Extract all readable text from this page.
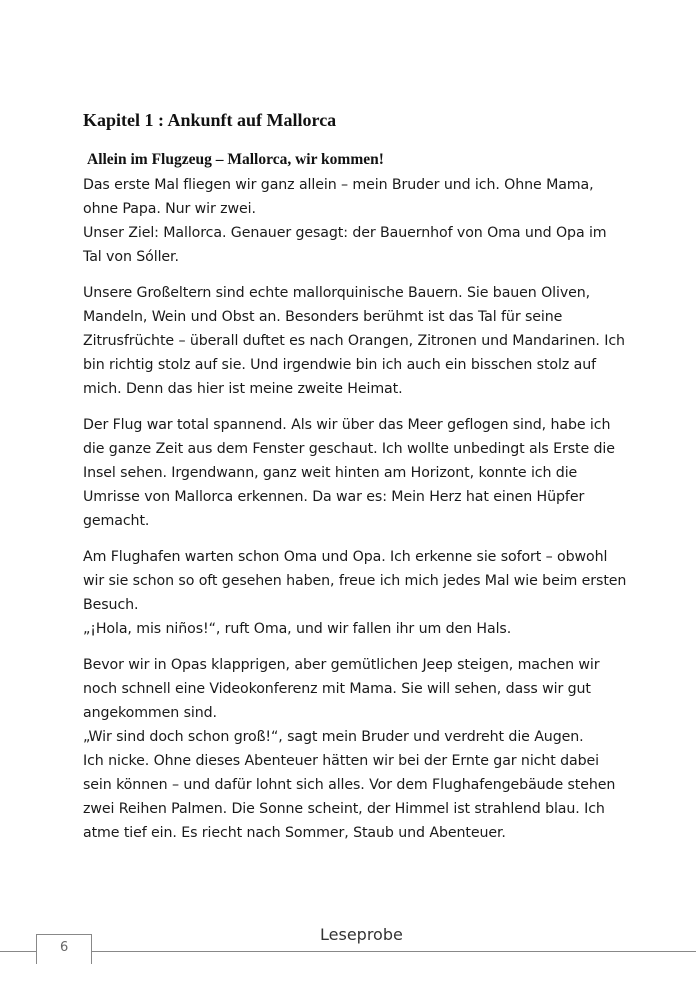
Kapitel 1 : Ankunft auf Mallorca
Allein im Flugzeug – Mallorca, wir kommen!

Das erste Mal fliegen wir ganz allein – mein Bruder und ich. Ohne Mama,
ohne Papa. Nur wir zwei.
Unser Ziel: Mallorca. Genauer gesagt: der Bauernhof von Oma und Opa im
Tal von Sóller.

Unsere Großeltern sind echte mallorquinische Bauern. Sie bauen Oliven,
Mandeln, Wein und Obst an. Besonders berühmt ist das Tal für seine
Zitrusfrüchte – überall duftet es nach Orangen, Zitronen und Mandarinen. Ich
bin richtig stolz auf sie. Und irgendwie bin ich auch ein bisschen stolz auf
mich. Denn das hier ist meine zweite Heimat.

Der Flug war total spannend. Als wir über das Meer geflogen sind, habe ich
die ganze Zeit aus dem Fenster geschaut. Ich wollte unbedingt als Erste die
Insel sehen. Irgendwann, ganz weit hinten am Horizont, konnte ich die
Umrisse von Mallorca erkennen. Da war es: Mein Herz hat einen Hüpfer
gemacht.

Am Flughafen warten schon Oma und Opa. Ich erkenne sie sofort – obwohl
wir sie schon so oft gesehen haben, freue ich mich jedes Mal wie beim ersten
Besuch.
„¡Hola, mis niños!“, ruft Oma, und wir fallen ihr um den Hals.

Bevor wir in Opas klapprigen, aber gemütlichen Jeep steigen, machen wir
noch schnell eine Videokonferenz mit Mama. Sie will sehen, dass wir gut
angekommen sind.
„Wir sind doch schon groß!“, sagt mein Bruder und verdreht die Augen.
Ich nicke. Ohne dieses Abenteuer hätten wir bei der Ernte gar nicht dabei
sein können – und dafür lohnt sich alles. Vor dem Flughafengebäude stehen
zwei Reihen Palmen. Die Sonne scheint, der Himmel ist strahlend blau. Ich
atme tief ein. Es riecht nach Sommer, Staub und Abenteuer.

Leseprobe
6
